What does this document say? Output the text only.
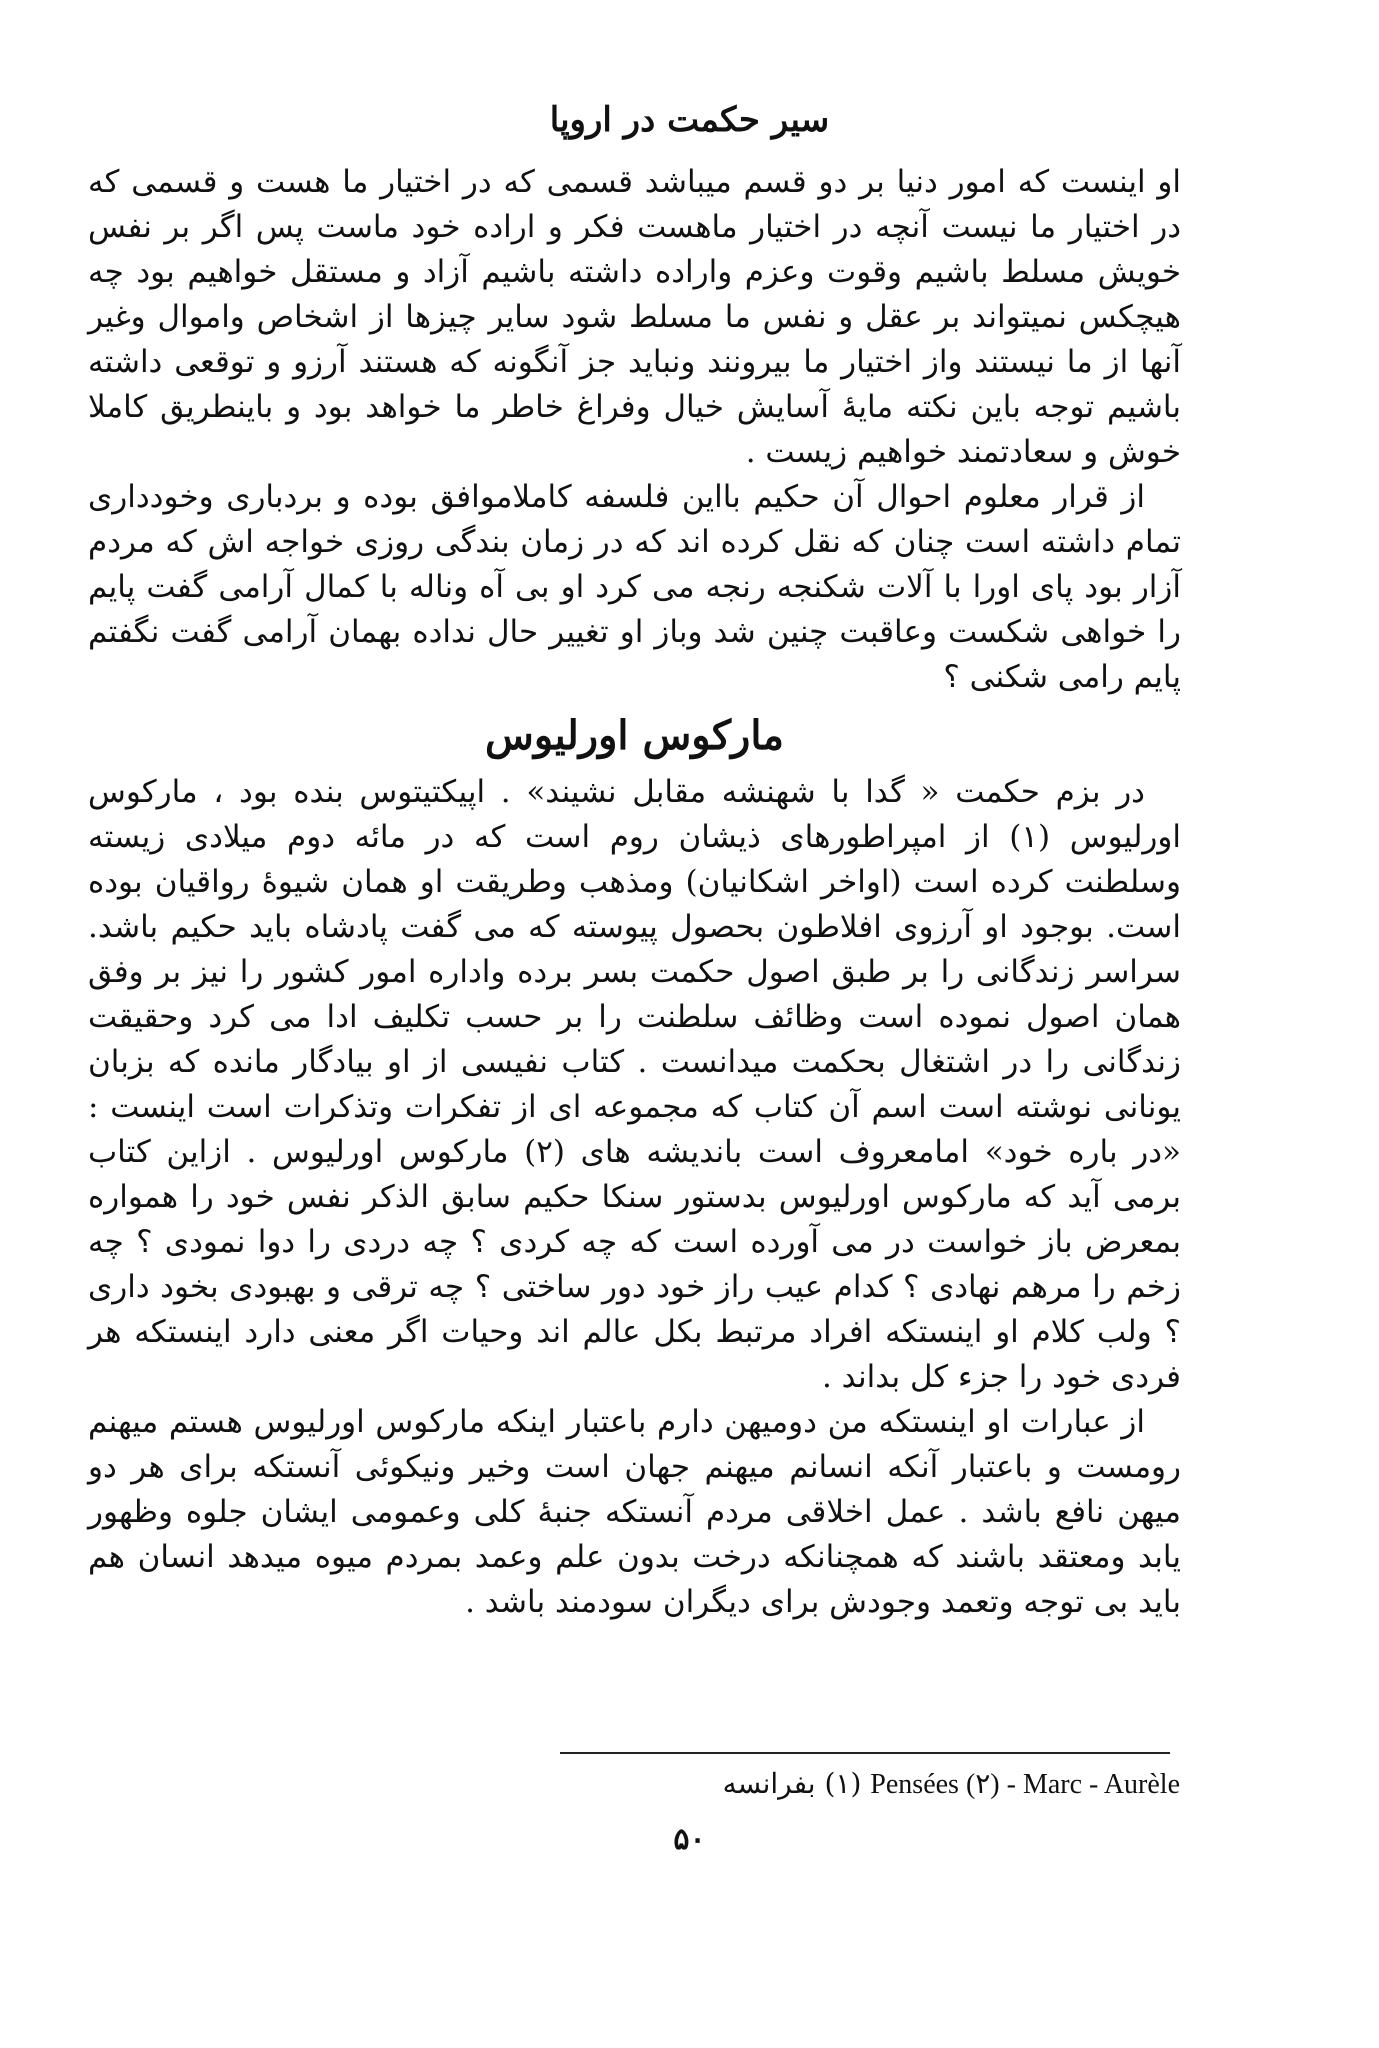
سیر حکمت در اروپا

او اینست که امور دنیا بر دو قسم میباشد قسمی که در اختیار ما هست و قسمی که در اختیار ما نیست آنچه در اختیار ماهست فکر و اراده خود ماست پس اگر بر نفس خویش مسلط باشیم وقوت وعزم واراده داشته باشیم آزاد و مستقل خواهیم بود چه هیچکس نمیتواند بر عقل و نفس ما مسلط شود سایر چیزها از اشخاص واموال وغیر آنها از ما نیستند واز اختیار ما بیرونند ونباید جز آنگونه که هستند آرزو و توقعی داشته باشیم توجه باین نکته مایهٔ آسایش خیال وفراغ خاطر ما خواهد بود و باینطریق کاملا خوش و سعادتمند خواهیم زیست .

از قرار معلوم احوال آن حکیم بااین فلسفه کاملاموافق بوده و بردباری وخودداری تمام داشته است چنان که نقل کرده اند که در زمان بندگی روزی خواجه اش که مردم آزار بود پای اورا با آلات شکنجه رنجه می کرد او بی آه وناله با کمال آرامی گفت پایم را خواهی شکست وعاقبت چنین شد وباز او تغییر حال نداده بهمان آرامی گفت نگفتم پایم رامی شکنی ؟

مارکوس اورلیوس

در بزم حکمت « گدا با شهنشه مقابل نشیند» . اپیکتیتوس بنده بود ، مارکوس اورلیوس (۱) از امپراطورهای ذیشان روم است که در مائه دوم میلادی زیسته وسلطنت کرده است (اواخر اشکانیان) ومذهب وطریقت او همان شیوهٔ رواقیان بوده است. بوجود او آرزوی افلاطون بحصول پیوسته که می گفت پادشاه باید حکیم باشد. سراسر زندگانی را بر طبق اصول حکمت بسر برده واداره امور کشور را نیز بر وفق همان اصول نموده است وظائف سلطنت را بر حسب تکلیف ادا می کرد وحقیقت زندگانی را در اشتغال بحکمت میدانست . کتاب نفیسی از او بیادگار مانده که بزبان یونانی نوشته است اسم آن کتاب که مجموعه ای از تفکرات وتذکرات است اینست : «در باره خود» امامعروف است باندیشه های (۲) مارکوس اورلیوس . ازاین کتاب برمی آید که مارکوس اورلیوس بدستور سنکا حکیم سابق الذکر نفس خود را همواره بمعرض باز خواست در می آورده است که چه کردی ؟ چه دردی را دوا نمودی ؟ چه زخم را مرهم نهادی ؟ کدام عیب راز خود دور ساختی ؟ چه ترقی و بهبودی بخود داری ؟ ولب کلام او اینستکه افراد مرتبط بکل عالم اند وحیات اگر معنی دارد اینستکه هر فردی خود را جزء کل بداند .

از عبارات او اینستکه من دومیهن دارم باعتبار اینکه مارکوس اورلیوس هستم میهنم رومست و باعتبار آنکه انسانم میهنم جهان است وخیر ونیکوئی آنستکه برای هر دو میهن نافع باشد . عمل اخلاقی مردم آنستکه جنبهٔ کلی وعمومی ایشان جلوه وظهور یابد ومعتقد باشند که همچنانکه درخت بدون علم وعمد بمردم میوه میدهد انسان هم باید بی توجه وتعمد وجودش برای دیگران سودمند باشد .

(۱) بفرانسه Pensées (۲) - Marc - Aurèle
۵۰
